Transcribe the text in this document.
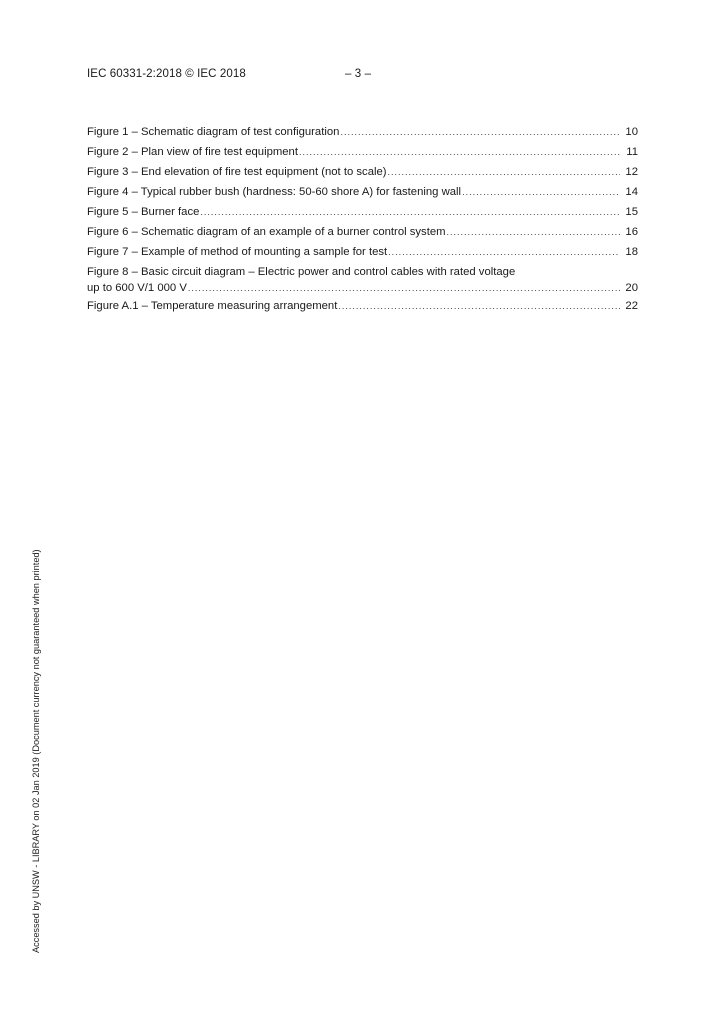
IEC 60331-2:2018 © IEC 2018	– 3 –
Figure 1 – Schematic diagram of test configuration .....	10
Figure 2 – Plan view of fire test equipment .....	11
Figure 3 – End elevation of fire test equipment (not to scale) .....	12
Figure 4 – Typical rubber bush (hardness: 50-60 shore A) for fastening wall .....	14
Figure 5 – Burner face .....	15
Figure 6 – Schematic diagram of an example of a burner control system .....	16
Figure 7 – Example of method of mounting a sample for test .....	18
Figure 8 – Basic circuit diagram – Electric power and control cables with rated voltage
up to 600 V/1 000 V .....	20
Figure A.1 – Temperature measuring arrangement .....	22
Accessed by UNSW - LIBRARY on 02 Jan 2019 (Document currency not guaranteed when printed)
